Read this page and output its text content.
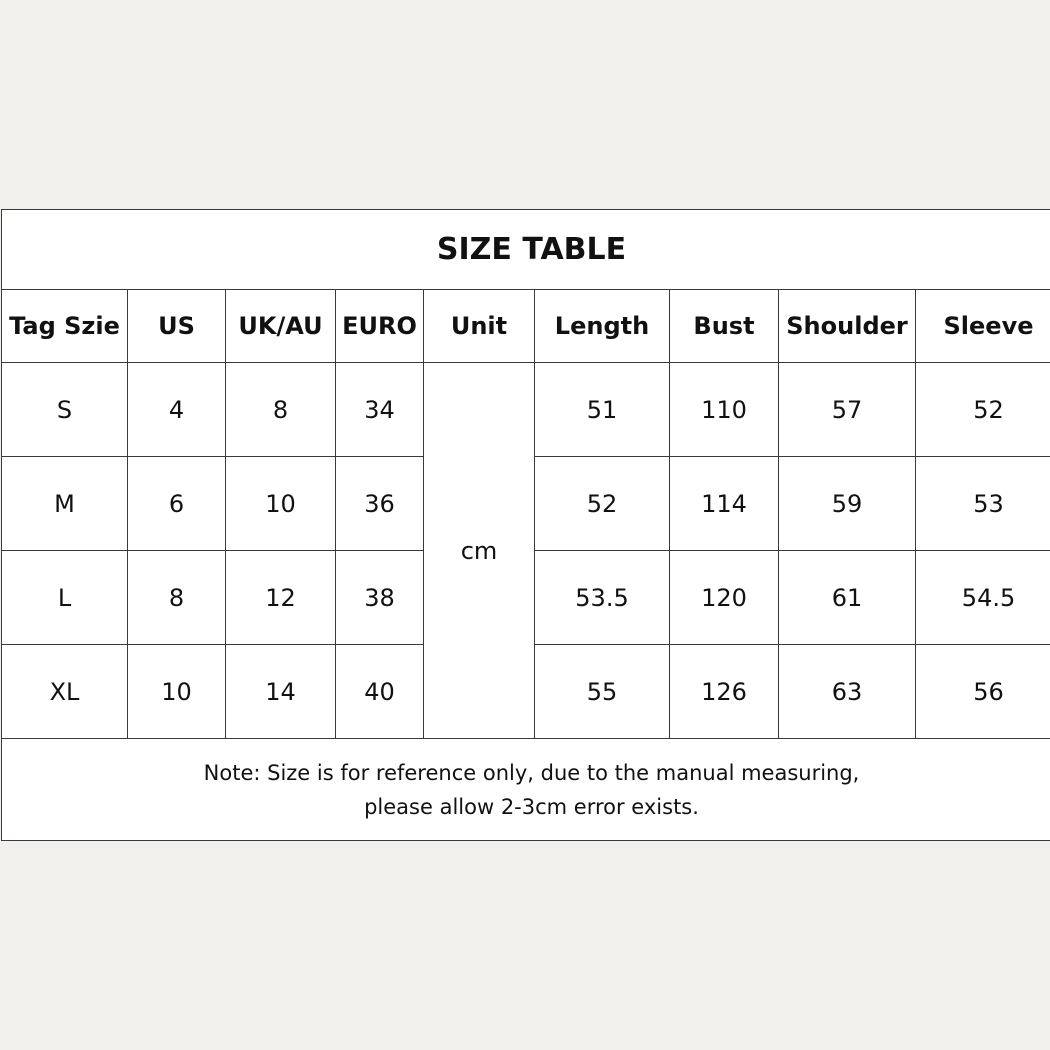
SIZE TABLE								
Tag Szie	US	UK/AU	EURO	Unit	Length	Bust	Shoulder	Sleeve
S	4	8	34	cm	51	110	57	52
M	6	10	36		52	114	59	53
L	8	12	38		53.5	120	61	54.5
XL	10	14	40		55	126	63	56

Note: Size is for reference only, due to the manual measuring,
please allow 2-3cm error exists.								
